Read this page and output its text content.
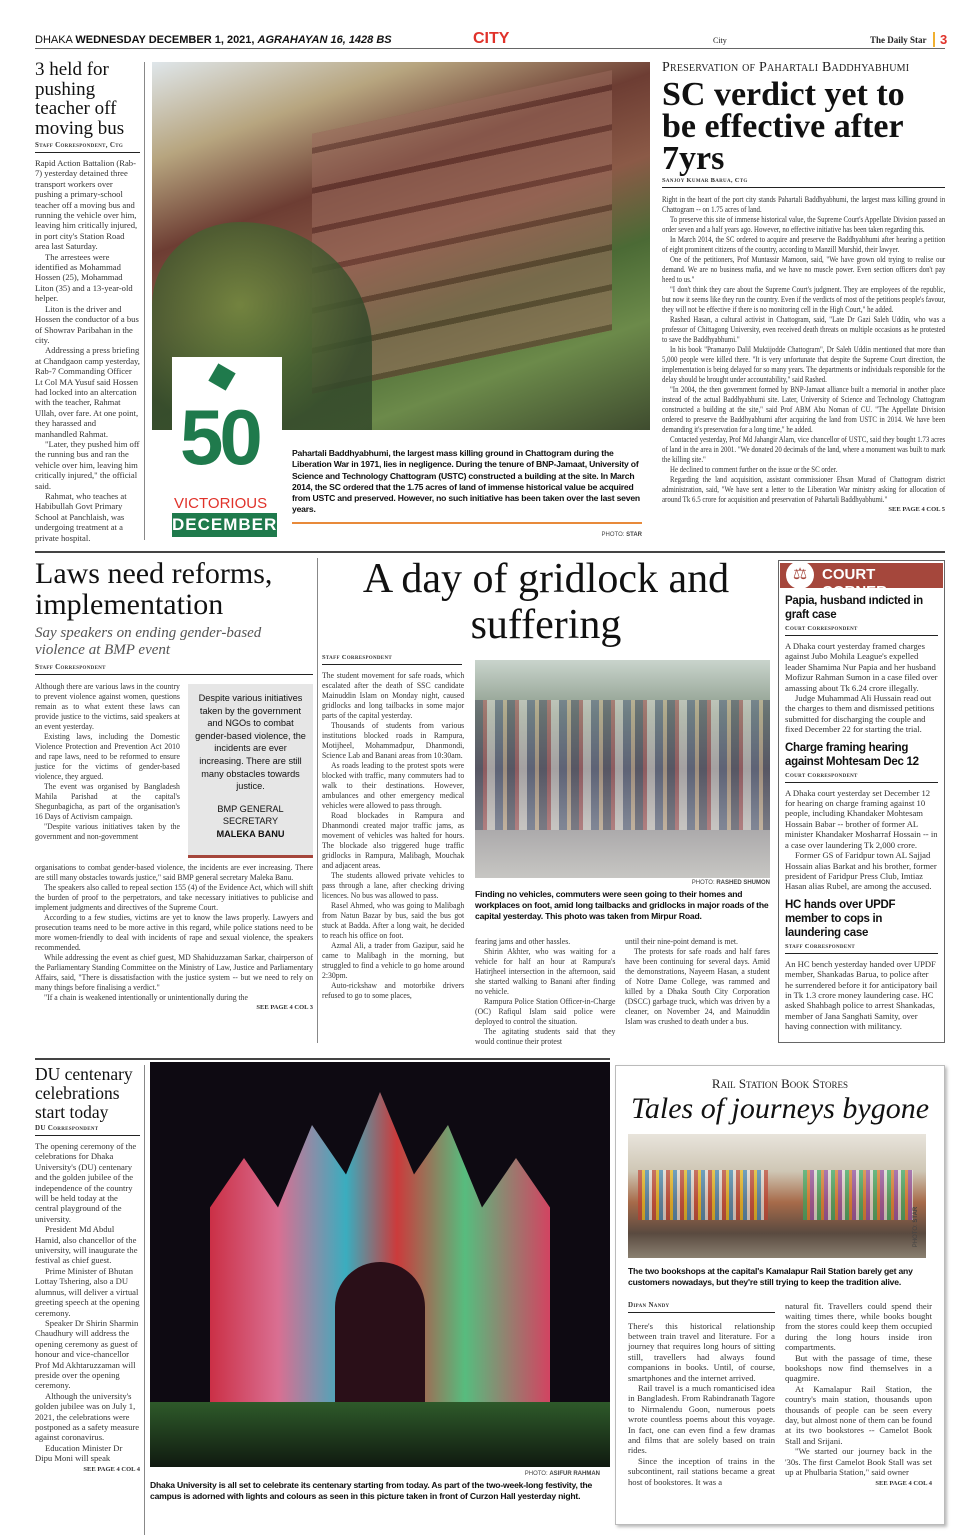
DHAKA WEDNESDAY DECEMBER 1, 2021, AGRAHAYAN 16, 1428 BS	CITY	City	The Daily Star	3
3 held for pushing teacher off moving bus
Staff Correspondent, Ctg

Rapid Action Battalion (Rab-7) yesterday detained three transport workers over pushing a primary-school teacher off a moving bus and running the vehicle over him, leaving him critically injured, in port city's Station Road area last Saturday.

The arrestees were identified as Mohammad Hossen (25), Mohammad Liton (35) and a 13-year-old helper.

Liton is the driver and Hossen the conductor of a bus of Showrav Paribahan in the city.

Addressing a press briefing at Chandgaon camp yesterday, Rab-7 Commanding Officer Lt Col MA Yusuf said Hossen had locked into an altercation with the teacher, Rahmat Ullah, over fare. At one point, they harassed and manhandled Rahmat.

"Later, they pushed him off the running bus and ran the vehicle over him, leaving him critically injured," the official said.

Rahmat, who teaches at Habibullah Govt Primary School at Panchlaish, was undergoing treatment at a private hospital.

50
VICTORIOUS
DECEMBER
Pahartali Baddhyabhumi, the largest mass killing ground in Chattogram during the Liberation War in 1971, lies in negligence. During the tenure of BNP-Jamaat, University of Science and Technology Chattogram (USTC) constructed a building at the site. In March 2014, the SC ordered that the 1.75 acres of land of immense historical value be acquired from USTC and preserved. However, no such initiative has been taken over the last seven years.
PHOTO: STAR
Preservation of Pahartali Baddhyabhumi
SC verdict yet to be effective after 7yrs
Sanjoy Kumar Barua, Ctg

Right in the heart of the port city stands Pahartali Baddhyabhumi, the largest mass killing ground in Chattogram -- on 1.75 acres of land.

To preserve this site of immense historical value, the Supreme Court's Appellate Division passed an order seven and a half years ago. However, no effective initiative has been taken regarding this.

In March 2014, the SC ordered to acquire and preserve the Baddhyabhumi after hearing a petition of eight prominent citizens of the country, according to Manzill Murshid, their lawyer.

One of the petitioners, Prof Muntassir Mamoon, said, "We have grown old trying to realise our demand. We are no business mafia, and we have no muscle power. Even section officers don't pay heed to us."

"I don't think they care about the Supreme Court's judgment. They are employees of the republic, but now it seems like they run the country. Even if the verdicts of most of the petitions people's favour, they will not be effective if there is no monitoring cell in the High Court," he added.

Rashed Hasan, a cultural activist in Chattogram, said, "Late Dr Gazi Saleh Uddin, who was a professor of Chittagong University, even received death threats on multiple occasions as he protested to save the Baddhyabhumi."

In his book "Pramanyo Dalil Muktijodde Chattogram", Dr Saleh Uddin mentioned that more than 5,000 people were killed there. "It is very unfortunate that despite the Supreme Court direction, the implementation is being delayed for so many years. The departments or individuals responsible for the delay should be brought under accountability," said Rashed.

"In 2004, the then government formed by BNP-Jamaat alliance built a memorial in another place instead of the actual Baddhyabhumi site. Later, University of Science and Technology Chattogram constructed a building at the site," said Prof ABM Abu Noman of CU. "The Appellate Division ordered to preserve the Baddhyabhumi after acquiring the land from USTC in 2014. We have been demanding it's preservation for a long time," he added.

Contacted yesterday, Prof Md Jahangir Alam, vice chancellor of USTC, said they bought 1.73 acres of land in the area in 2001. "We donated 20 decimals of the land, where a monument was built to mark the killing site."

He declined to comment further on the issue or the SC order.

Regarding the land acquisition, assistant commissioner Ehsan Murad of Chattogram district administration, said, "We have sent a letter to the Liberation War ministry asking for allocation of around Tk 6.5 crore for acquisition and preservation of Pahartali Baddhyabhumi."

SEE PAGE 4 COL 5
Laws need reforms, implementation
Say speakers on ending gender-based violence at BMP event
Staff Correspondent

Although there are various laws in the country to prevent violence against women, questions remain as to what extent these laws can provide justice to the victims, said speakers at an event yesterday.

Existing laws, including the Domestic Violence Protection and Prevention Act 2010 and rape laws, need to be reformed to ensure justice for the victims of gender-based violence, they argued.

The event was organised by Bangladesh Mahila Parishad at the capital's Shegunbagicha, as part of the organisation's 16 Days of Activism campaign.

"Despite various initiatives taken by the government and non-government

Despite various initiatives taken by the government and NGOs to combat gender-based violence, the incidents are ever increasing. There are still many obstacles towards justice.
BMP GENERAL SECRETARY
MALEKA BANU

organisations to combat gender-based violence, the incidents are ever increasing. There are still many obstacles towards justice," said BMP general secretary Maleka Banu.

The speakers also called to repeal section 155 (4) of the Evidence Act, which will shift the burden of proof to the perpetrators, and take necessary initiatives to publicise and implement judgments and directives of the Supreme Court.

According to a few studies, victims are yet to know the laws properly. Lawyers and prosecution teams need to be more active in this regard, while police stations need to be more women-friendly to deal with incidents of rape and sexual violence, the speakers recommended.

While addressing the event as chief guest, MD Shahiduzzaman Sarkar, chairperson of the Parliamentary Standing Committee on the Ministry of Law, Justice and Parliamentary Affairs, said, "There is dissatisfaction with the justice system -- but we need to rely on many things before finalising a verdict."

"If a chain is weakened intentionally or unintentionally during the

SEE PAGE 4 COL 3
A day of gridlock and suffering
Staff Correspondent

The student movement for safe roads, which escalated after the death of SSC candidate Mainuddin Islam on Monday night, caused gridlocks and long tailbacks in some major parts of the capital yesterday.

Thousands of students from various institutions blocked roads in Rampura, Motijheel, Mohammadpur, Dhanmondi, Science Lab and Banani areas from 10:30am.

As roads leading to the protest spots were blocked with traffic, many commuters had to walk to their destinations. However, ambulances and other emergency medical vehicles were allowed to pass through.

Road blockades in Rampura and Dhanmondi created major traffic jams, as movement of vehicles was halted for hours. The blockade also triggered huge traffic gridlocks in Rampura, Malibagh, Mouchak and adjacent areas.

The students allowed private vehicles to pass through a lane, after checking driving licences. No bus was allowed to pass.

Rasel Ahmed, who was going to Malibagh from Natun Bazar by bus, said the bus got stuck at Badda. After a long wait, he decided to reach his office on foot.

Azmal Ali, a trader from Gazipur, said he came to Malibagh in the morning, but struggled to find a vehicle to go home around 2:30pm.

Auto-rickshaw and motorbike drivers refused to go to some places,

PHOTO: RASHED SHUMON
Finding no vehicles, commuters were seen going to their homes and workplaces on foot, amid long tailbacks and gridlocks in major roads of the capital yesterday. This photo was taken from Mirpur Road.

fearing jams and other hassles.

Shirin Akhter, who was waiting for a vehicle for half an hour at Rampura's Hatirjheel intersection in the afternoon, said she started walking to Banani after finding no vehicle.

Rampura Police Station Officer-in-Charge (OC) Rafiqul Islam said police were deployed to control the situation.

The agitating students said that they would continue their protest

until their nine-point demand is met.

The protests for safe roads and half fares have been continuing for several days. Amid the demonstrations, Nayeem Hasan, a student of Notre Dame College, was rammed and killed by a Dhaka South City Corporation (DSCC) garbage truck, which was driven by a cleaner, on November 24, and Mainuddin Islam was crushed to death under a bus.

⚖ COURT CORNER
Papia, husband indicted in graft case
Court Correspondent

A Dhaka court yesterday framed charges against Jubo Mohila League's expelled leader Shamima Nur Papia and her husband Mofizur Rahman Sumon in a case filed over amassing about Tk 6.24 crore illegally.

Judge Muhammad Ali Hussain read out the charges to them and dismissed petitions submitted for discharging the couple and fixed December 22 for starting the trial.

Charge framing hearing against Mohtesam Dec 12
Court Correspondent

A Dhaka court yesterday set December 12 for hearing on charge framing against 10 people, including Khandaker Mohtesam Hossain Babar -- brother of former AL minister Khandaker Mosharraf Hossain -- in a case over laundering Tk 2,000 crore.

Former GS of Faridpur town AL Sajjad Hossain alias Barkat and his brother, former president of Faridpur Press Club, Imtiaz Hasan alias Rubel, are among the accused.

HC hands over UPDF member to cops in laundering case
Staff Correspondent

An HC bench yesterday handed over UPDF member, Shankadas Barua, to police after he surrendered before it for anticipatory bail in Tk 1.3 crore money laundering case. HC asked Shahbagh police to arrest Shankadas, member of Jana Sanghati Samity, over having connection with militancy.

DU centenary celebrations start today
DU Correspondent

The opening ceremony of the celebrations for Dhaka University's (DU) centenary and the golden jubilee of the independence of the country will be held today at the central playground of the university.

President Md Abdul Hamid, also chancellor of the university, will inaugurate the festival as chief guest.

Prime Minister of Bhutan Lottay Tshering, also a DU alumnus, will deliver a virtual greeting speech at the opening ceremony.

Speaker Dr Shirin Sharmin Chaudhury will address the opening ceremony as guest of honour and vice-chancellor Prof Md Akhtaruzzaman will preside over the opening ceremony.

Although the university's golden jubilee was on July 1, 2021, the celebrations were postponed as a safety measure against coronavirus.

Education Minister Dr Dipu Moni will speak

SEE PAGE 4 COL 4
PHOTO: ASIFUR RAHMAN
Dhaka University is all set to celebrate its centenary starting from today. As part of the two-week-long festivity, the campus is adorned with lights and colours as seen in this picture taken in front of Curzon Hall yesterday night.
Rail Station Book Stores
Tales of journeys bygone
PHOTO: STAR
The two bookshops at the capital's Kamalapur Rail Station barely get any customers nowadays, but they're still trying to keep the tradition alive.
Dipan Nandy

There's this historical relationship between train travel and literature. For a journey that requires long hours of sitting still, travellers had always found companions in books. Until, of course, smartphones and the internet arrived.

Rail travel is a much romanticised idea in Bangladesh. From Rabindranath Tagore to Nirmalendu Goon, numerous poets wrote countless poems about this voyage. In fact, one can even find a few dramas and films that are solely based on train rides.

Since the inception of trains in the subcontinent, rail stations became a great host of bookstores. It was a

natural fit. Travellers could spend their waiting times there, while books bought from the stores could keep them occupied during the long hours inside iron compartments.

But with the passage of time, these bookshops now find themselves in a quagmire.

At Kamalapur Rail Station, the country's main station, thousands upon thousands of people can be seen every day, but almost none of them can be found at its two bookstores -- Camelot Book Stall and Srijani.

"We started our journey back in the '30s. The first Camelot Book Stall was set up at Phulbaria Station," said owner

SEE PAGE 4 COL 4
